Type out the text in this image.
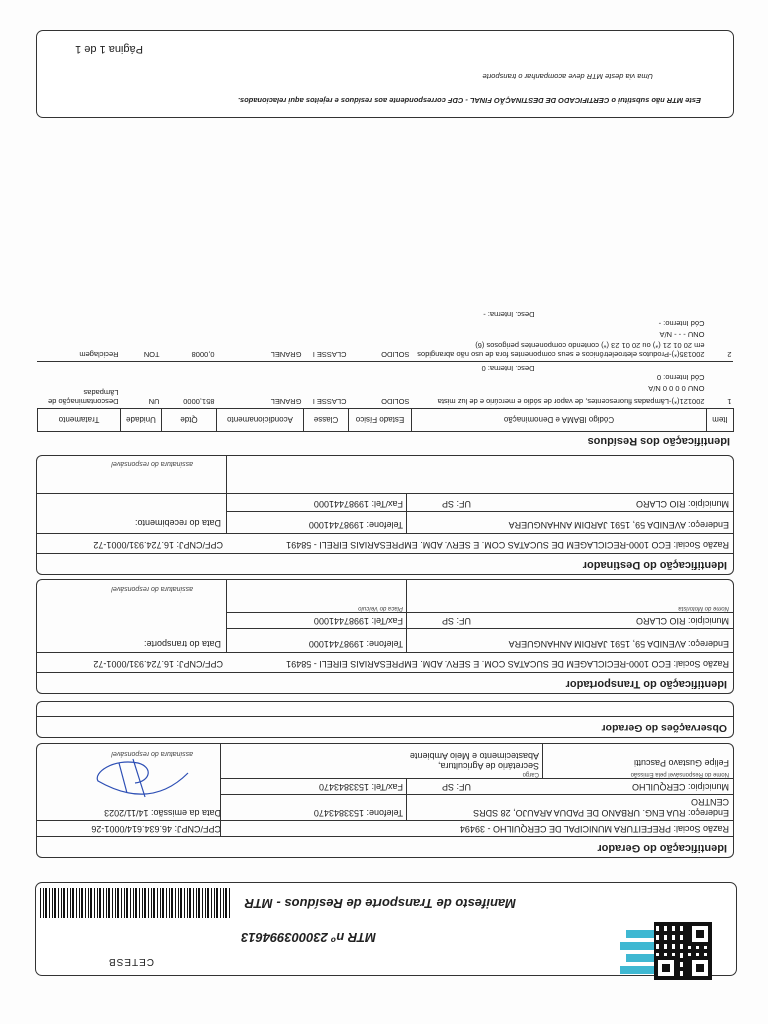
Manifesto de Transporte de Resíduos - MTR
MTR nº 230003994613
CETESB
Identificação do Gerador
Razão Social: PREFEITURA MUNICIPAL DE CERQUILHO - 39494
CPF/CNPJ: 46.634.614/0001-26
Endereço: RUA ENG. URBANO DE PADUA ARAUJO, 28 SDRS
CENTRO
Telefone: 1533843470
Data da emissão: 14/11/2023
Município: CERQUILHO
UF: SP
Fax/Tel: 1533843470
Nome do Responsável pela Emissão
Felipe Gustavo Pascutti
Cargo
Secretário de Agricultura, Abastecimento e Meio Ambiente
assinatura do responsável
Observações do Gerador
Identificação do Transportador
Razão Social: ECO 1000-RECICLAGEM DE SUCATAS COM. E SERV. ADM. EMPRESARIAIS EIRELI - 58491
CPF/CNPJ: 16.724.931/0001-72
Endereço: AVENIDA 59, 1591 JARDIM ANHANGUERA
Telefone: 19987441000
Data do transporte:
Município: RIO CLARO
UF: SP
Fax/Tel: 19987441000
Nome do Motorista
Placa do Veículo
assinatura do responsável
Identificação do Destinador
Razão Social: ECO 1000-RECICLAGEM DE SUCATAS COM. E SERV. ADM. EMPRESARIAIS EIRELI - 58491
CPF/CNPJ: 16.724.931/0001-72
Endereço: AVENIDA 59, 1591 JARDIM ANHANGUERA
Telefone: 19987441000
Data do recebimento:
Município: RIO CLARO
UF: SP
Fax/Tel: 19987441000
assinatura do responsável
Identificação dos Resíduos
Item	Código IBAMA e Denominação	Estado Físico	Classe	Acondicionamento	Qtde	Unidade	Tratamento
1	200121(*)-Lâmpadas fluorescentes, de vapor de sódio e mercúrio e de luz mista
ONU 0 0 0 0 N/A
Cód Interno: 0
Desc. Interna: 0	SOLIDO	CLASSE I	GRANEL	851,0000	UN	Descontaminação de Lâmpadas
2	200135(*)-Produtos eletroeletrônicos e seus componentes fora de uso não abrangidos em 20 01 21 (*) ou 20 01 23 (*) contendo componentes perigosos (6)
ONU - - - N/A
Cód Interno: -
Desc. Interna: -	SOLIDO	CLASSE I	GRANEL	0,0008	TON	Reciclagem
Este MTR não substitui o CERTIFICADO DE DESTINAÇÃO FINAL - CDF correspondente aos resíduos e rejeitos aqui relacionados.
Uma via deste MTR deve acompanhar o transporte
Página 1 de 1
